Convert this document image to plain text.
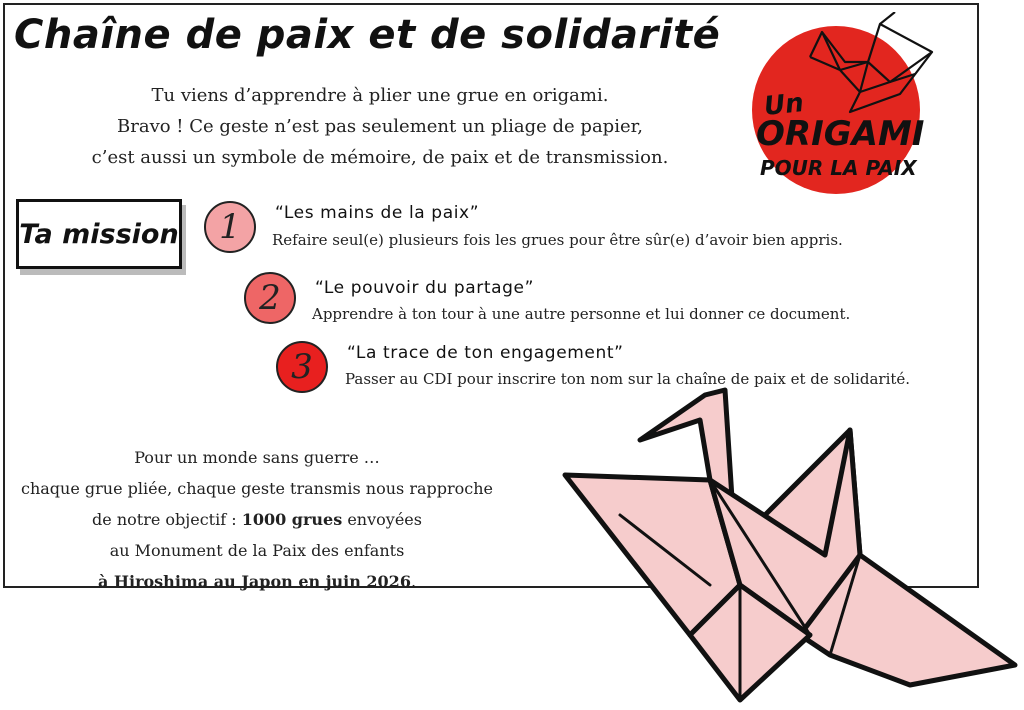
Chaîne de paix et de solidarité
Tu viens d’apprendre à plier une grue en origami.
Bravo ! Ce geste n’est pas seulement un pliage de papier,
c’est aussi un symbole de mémoire, de paix et de transmission.
Un
ORIGAMI
POUR LA PAIX
Ta mission	1	“Les mains de la paix”
Refaire seul(e) plusieurs fois les grues pour être sûr(e) d’avoir bien appris.
2	“Le pouvoir du partage”
Apprendre à ton tour à une autre personne et lui donner ce document.
3	“La trace de ton engagement”
Passer au CDI pour inscrire ton nom sur la chaîne de paix et de solidarité.
Pour un monde sans guerre …
chaque grue pliée, chaque geste transmis nous rapproche
de notre objectif : 1000 grues envoyées
au Monument de la Paix des enfants
à Hiroshima au Japon en juin 2026.
